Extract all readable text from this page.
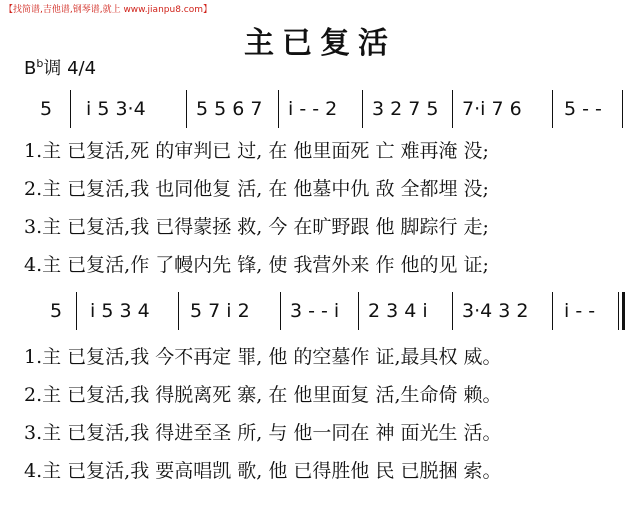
【找简谱,吉他谱,钢琴谱,就上 www.jianpu8.com】
主已复活
$B^b$调 4/4
5 i 5 3·4	5 5 6 7 i - - 2 3 2 7 5 7·i 7 6 5 - -
1.主 已复活,死 的审判已 过, 在 他里面死 亡 难再淹 没;
2.主 已复活,我 也同他复 活, 在 他墓中仇 敌 全都埋 没;
3.主 已复活,我 已得蒙拯 救, 今 在旷野跟 他 脚踪行 走;
4.主 已复活,作 了幔内先 锋, 使 我营外来 作 他的见 证;
5 i 5 3 4 5 7 i 2 3 - - i 2 3 4 i 3·4 3 2 i - -
1.主 已复活,我 今不再定 罪, 他 的空墓作 证,最具权 威。
2.主 已复活,我 得脱离死 寨, 在 他里面复 活,生命倚 赖。
3.主 已复活,我 得进至圣 所, 与 他一同在 神 面光生 活。
4.主 已复活,我 要高唱凯 歌, 他 已得胜他 民 已脱捆 索。
